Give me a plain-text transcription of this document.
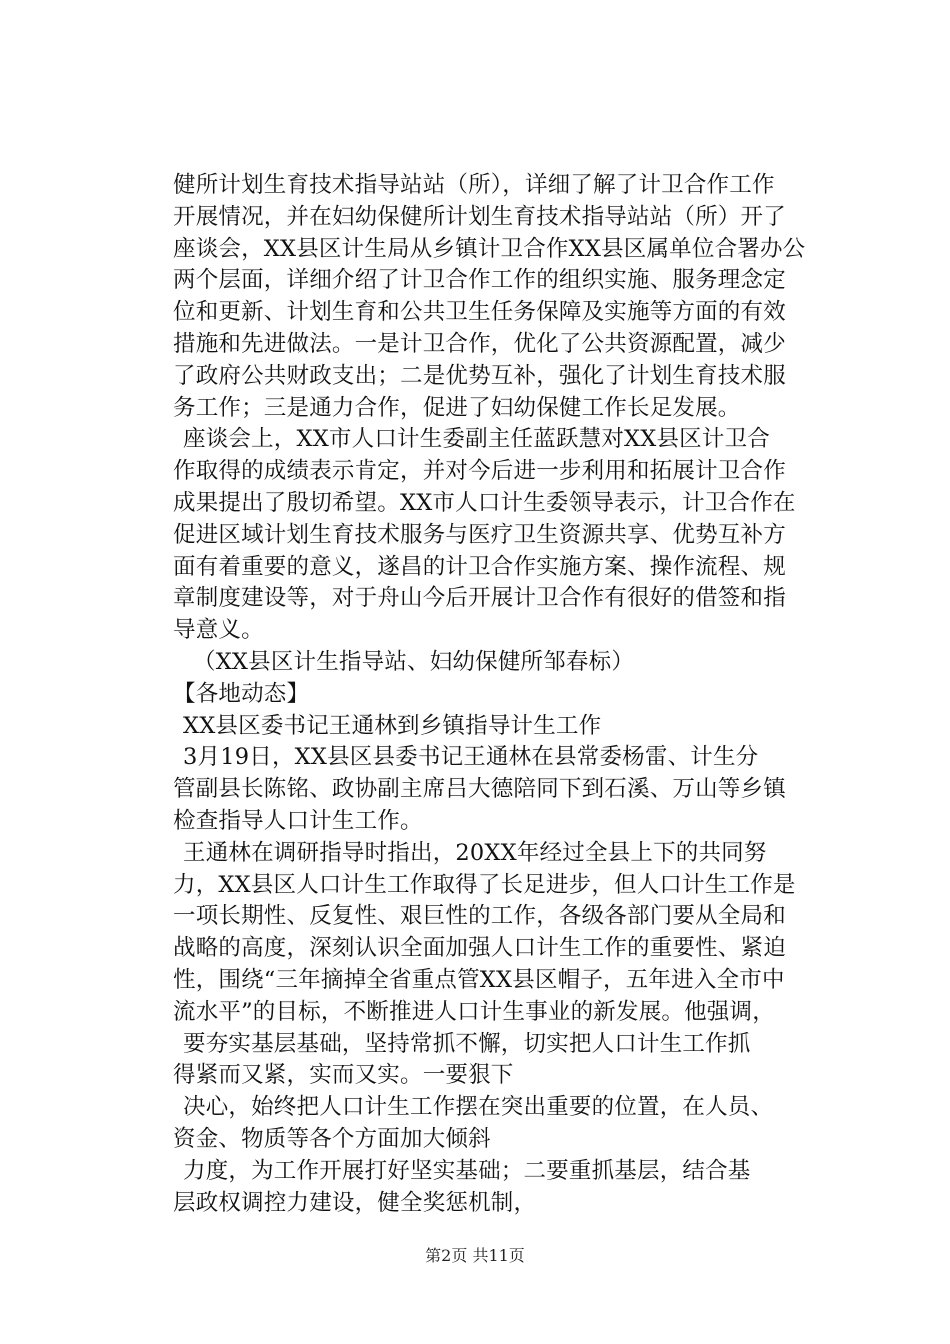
健所计划生育技术指导站站（所），详细了解了计卫合作工作
开展情况，并在妇幼保健所计划生育技术指导站站（所）开了
座谈会，XX县区计生局从乡镇计卫合作XX县区属单位合署办公
两个层面，详细介绍了计卫合作工作的组织实施、服务理念定
位和更新、计划生育和公共卫生任务保障及实施等方面的有效
措施和先进做法。一是计卫合作，优化了公共资源配置，减少
了政府公共财政支出；二是优势互补，强化了计划生育技术服
务工作；三是通力合作，促进了妇幼保健工作长足发展。
座谈会上，XX市人口计生委副主任蓝跃慧对XX县区计卫合
作取得的成绩表示肯定，并对今后进一步利用和拓展计卫合作
成果提出了殷切希望。XX市人口计生委领导表示，计卫合作在
促进区域计划生育技术服务与医疗卫生资源共享、优势互补方
面有着重要的意义，遂昌的计卫合作实施方案、操作流程、规
章制度建设等，对于舟山今后开展计卫合作有很好的借签和指
导意义。
（XX县区计生指导站、妇幼保健所邹春标）
【各地动态】
XX县区委书记王通林到乡镇指导计生工作
3月19日，XX县区县委书记王通林在县常委杨雷、计生分
管副县长陈铭、政协副主席吕大德陪同下到石溪、万山等乡镇
检查指导人口计生工作。
王通林在调研指导时指出，20XX年经过全县上下的共同努
力，XX县区人口计生工作取得了长足进步，但人口计生工作是
一项长期性、反复性、艰巨性的工作，各级各部门要从全局和
战略的高度，深刻认识全面加强人口计生工作的重要性、紧迫
性，围绕“三年摘掉全省重点管XX县区帽子，五年进入全市中
流水平”的目标，不断推进人口计生事业的新发展。他强调，
要夯实基层基础，坚持常抓不懈，切实把人口计生工作抓
得紧而又紧，实而又实。一要狠下
决心，始终把人口计生工作摆在突出重要的位置，在人员、
资金、物质等各个方面加大倾斜
力度，为工作开展打好坚实基础；二要重抓基层，结合基
层政权调控力建设，健全奖惩机制，
第2页 共11页
